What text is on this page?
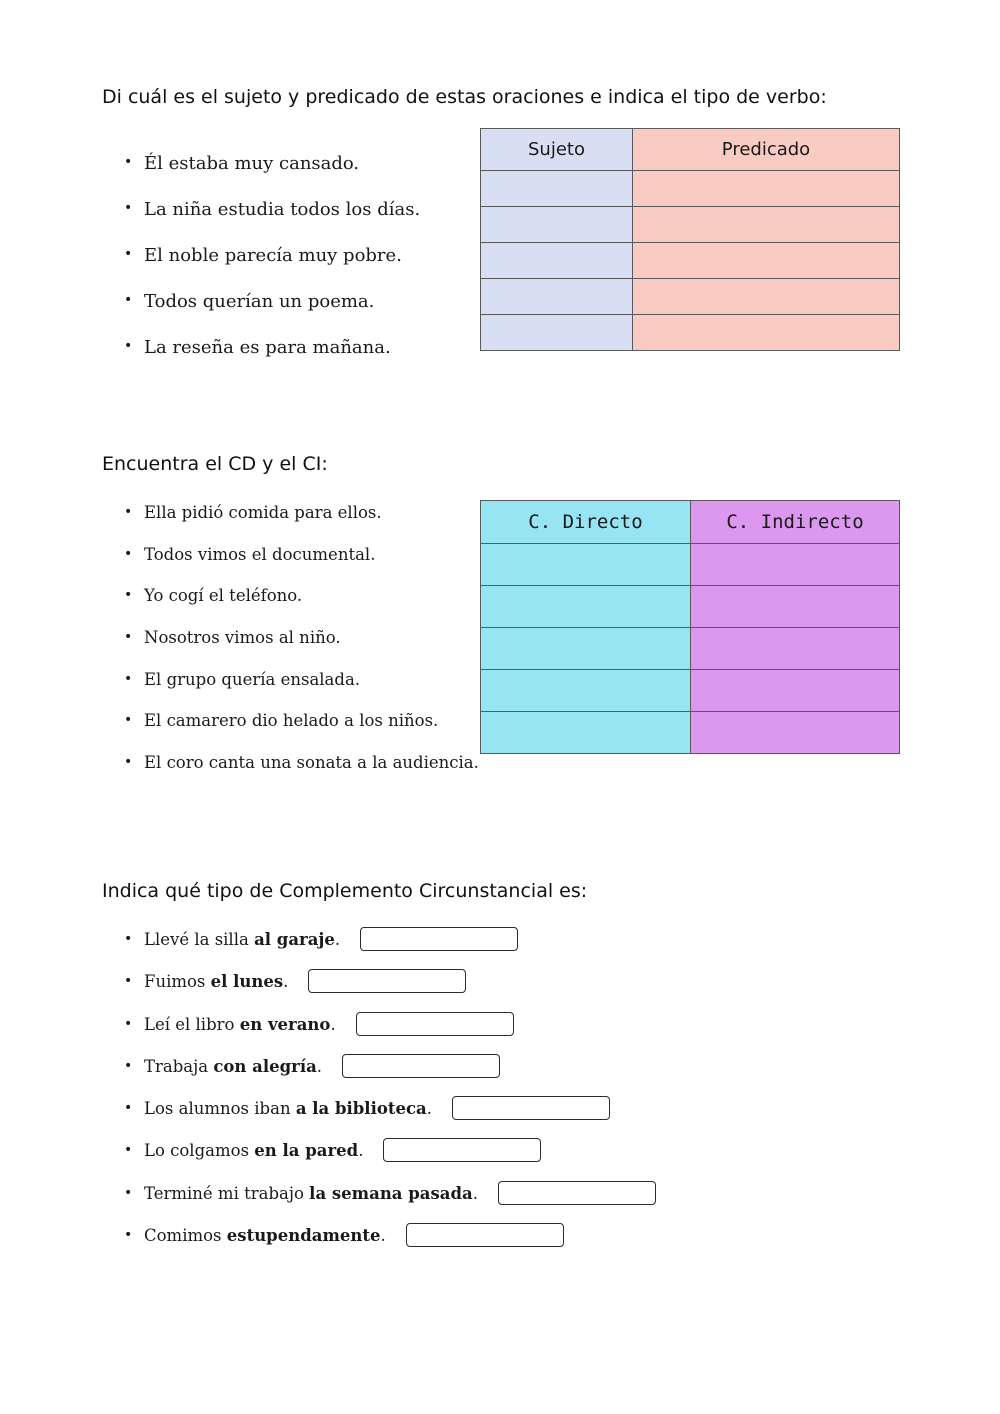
Di cuál es el sujeto y predicado de estas oraciones e indica el tipo de verbo:
• Él estaba muy cansado.
• La niña estudia todos los días.
• El noble parecía muy pobre.
• Todos querían un poema.
• La reseña es para mañana.
Sujeto	Predicado

Encuentra el CD y el CI:
• Ella pidió comida para ellos.
• Todos vimos el documental.
• Yo cogí el teléfono.
• Nosotros vimos al niño.
• El grupo quería ensalada.
• El camarero dio helado a los niños.
• El coro canta una sonata a la audiencia.
C. Directo	C. Indirecto

Indica qué tipo de Complemento Circunstancial es:
• Llevé la silla
al garaje .
• Fuimos
el lunes .
• Leí el libro
en verano .
• Trabaja
con alegría .
• Los alumnos iban
a la biblioteca .
• Lo colgamos
en la pared .
• Terminé mi trabajo
la semana pasada .
• Comimos
estupendamente .
